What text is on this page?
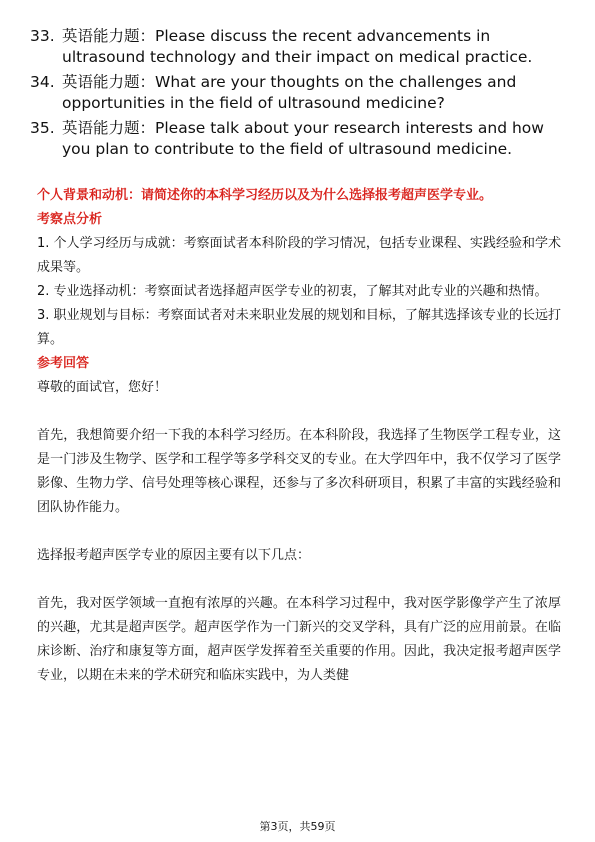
33. 英语能力题：Please discuss the recent advancements in ultrasound technology and their impact on medical practice.
34. 英语能力题：What are your thoughts on the challenges and opportunities in the field of ultrasound medicine?
35. 英语能力题：Please talk about your research interests and how you plan to contribute to the field of ultrasound medicine.
个人背景和动机：请简述你的本科学习经历以及为什么选择报考超声医学专业。
考察点分析
1. 个人学习经历与成就：考察面试者本科阶段的学习情况，包括专业课程、实践经验和学术成果等。
2. 专业选择动机：考察面试者选择超声医学专业的初衷，了解其对此专业的兴趣和热情。
3. 职业规划与目标：考察面试者对未来职业发展的规划和目标，了解其选择该专业的长远打算。
参考回答
尊敬的面试官，您好！
首先，我想简要介绍一下我的本科学习经历。在本科阶段，我选择了生物医学工程专业，这是一门涉及生物学、医学和工程学等多学科交叉的专业。在大学四年中，我不仅学习了医学影像、生物力学、信号处理等核心课程，还参与了多次科研项目，积累了丰富的实践经验和团队协作能力。
选择报考超声医学专业的原因主要有以下几点：
首先，我对医学领域一直抱有浓厚的兴趣。在本科学习过程中，我对医学影像学产生了浓厚的兴趣，尤其是超声医学。超声医学作为一门新兴的交叉学科，具有广泛的应用前景。在临床诊断、治疗和康复等方面，超声医学发挥着至关重要的作用。因此，我决定报考超声医学专业，以期在未来的学术研究和临床实践中，为人类健
第3页，共59页
